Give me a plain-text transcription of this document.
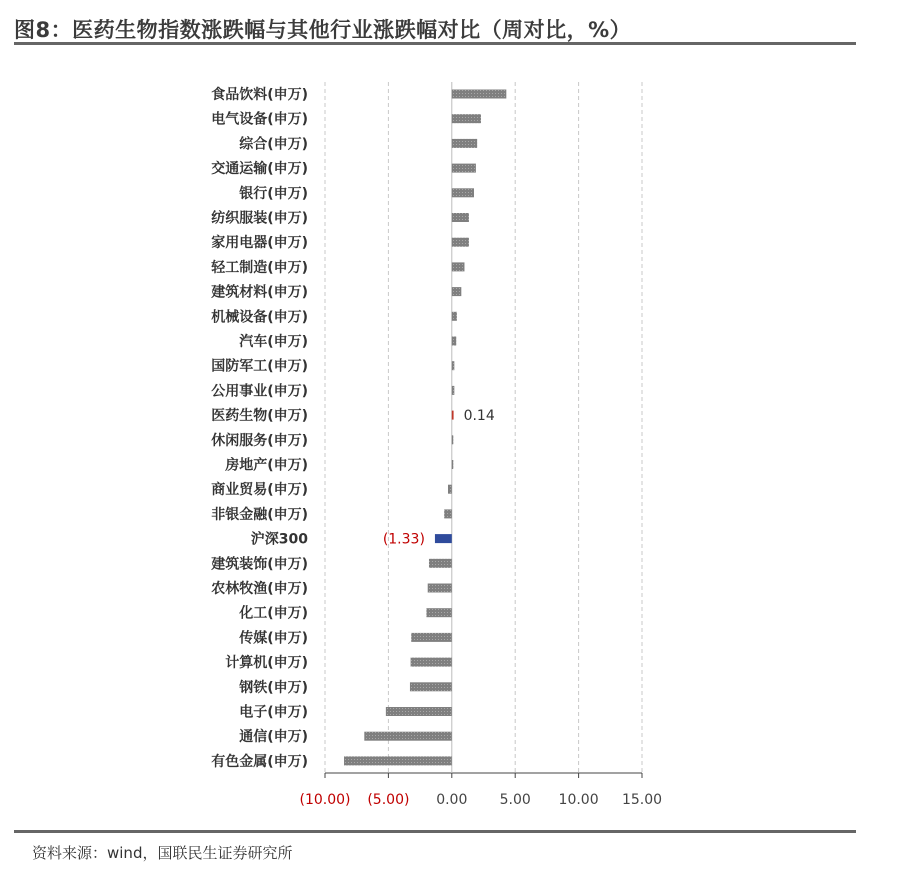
图8：医药生物指数涨跌幅与其他行业涨跌幅对比（周对比，%）
(10.00) (5.00) 0.00 5.00 10.00 15.00
食品饮料(申万)
电气设备(申万)
综合(申万)
交通运输(申万)
银行(申万)
纺织服装(申万)
家用电器(申万)
轻工制造(申万)
建筑材料(申万)
机械设备(申万)
汽车(申万)
国防军工(申万)
公用事业(申万)
医药生物(申万)
休闲服务(申万)
房地产(申万)
商业贸易(申万)
非银金融(申万)
沪深300
建筑装饰(申万)
农林牧渔(申万)
化工(申万)
传媒(申万)
计算机(申万)
钢铁(申万)
电子(申万)
通信(申万)
有色金属(申万)
0.14
(1.33)
资料来源：wind，国联民生证券研究所
